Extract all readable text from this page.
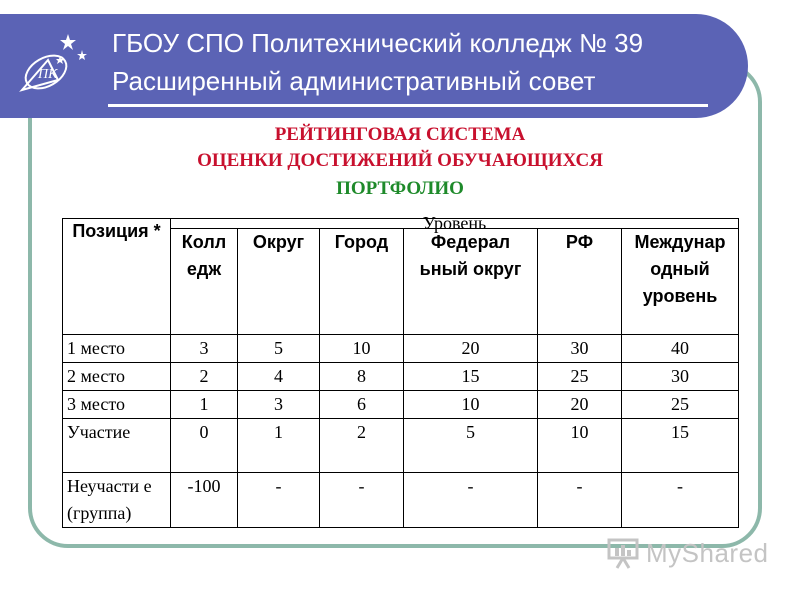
ПК
ГБОУ СПО Политехнический колледж № 39
Расширенный административный совет
РЕЙТИНГОВАЯ СИСТЕМА
ОЦЕНКИ ДОСТИЖЕНИЙ ОБУЧАЮЩИХСЯ
ПОРТФОЛИО
Позиция *	Уровень					
	Колл едж	Округ	Город	Федерал ьный округ	РФ	Междунар одный уровень
1 место	3	5	10	20	30	40
2 место	2	4	8	15	25	30
3 место	1	3	6	10	20	25
Участие	0	1	2	5	10	15
Неучасти е (группа)	-100	-	-	-	-	-
MyShared
